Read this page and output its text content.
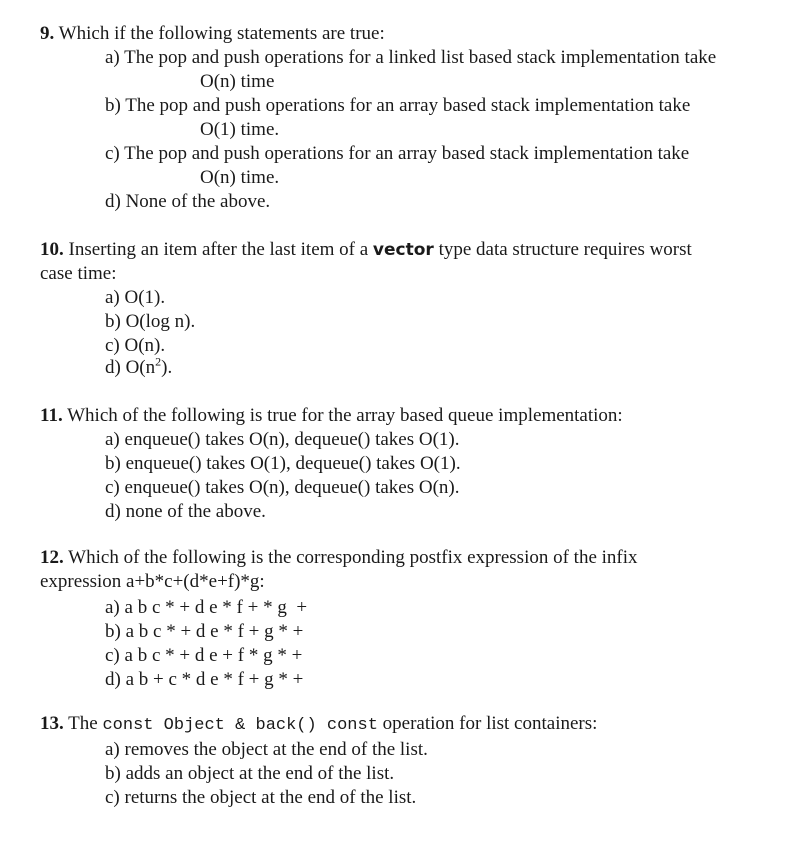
9. Which if the following statements are true:
a) The pop and push operations for a linked list based stack implementation take
O(n) time
b) The pop and push operations for an array based stack implementation take
O(1) time.
c) The pop and push operations for an array based stack implementation take
O(n) time.
d) None of the above.
10. Inserting an item after the last item of a vector type data structure requires worst
case time:
a) O(1).
b) O(log n).
c) O(n).
d) $O(n^2)$.
11. Which of the following is true for the array based queue implementation:
a) enqueue() takes O(n), dequeue() takes O(1).
b) enqueue() takes O(1), dequeue() takes O(1).
c) enqueue() takes O(n), dequeue() takes O(n).
d) none of the above.
12. Which of the following is the corresponding postfix expression of the infix
expression a+b*c+(d*e+f)*g:
a) a b c * + d e * f + * g  +
b) a b c * + d e * f + g * +
c) a b c * + d e + f * g * +
d) a b + c * d e * f + g * +
13. The const Object & back() const operation for list containers:
a) removes the object at the end of the list.
b) adds an object at the end of the list.
c) returns the object at the end of the list.
